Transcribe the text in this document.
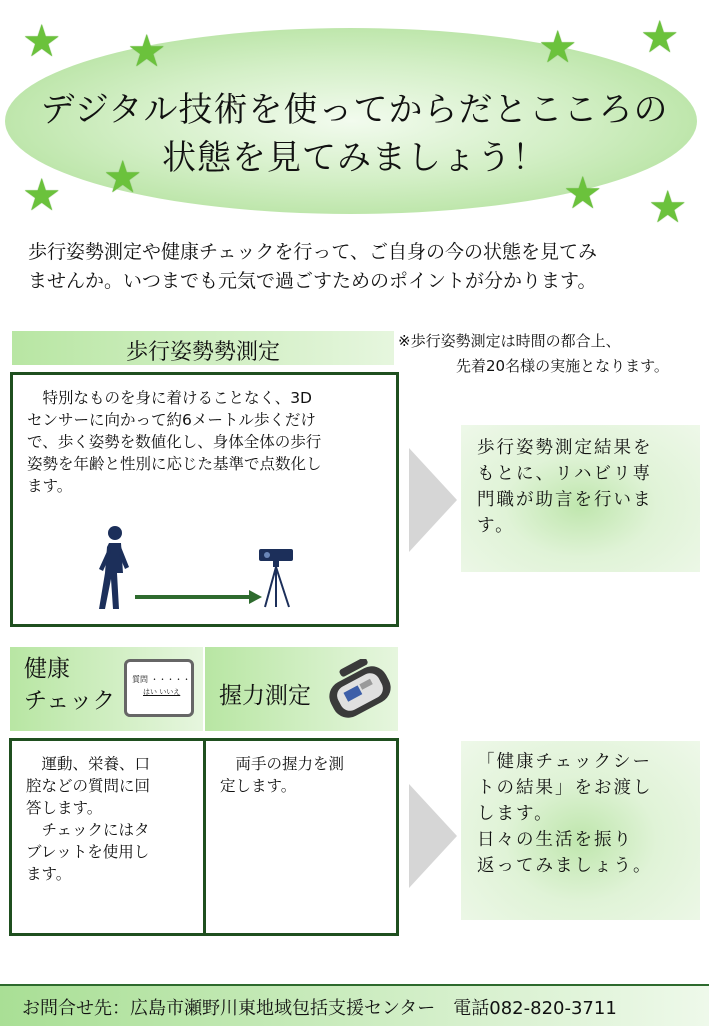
デジタル技術を使ってからだとこころの
状態を見てみましょう！
★ ★	★ ★
★ ★	★ ★
歩行姿勢測定や健康チェックを行って、ご自身の今の状態を見てみ
ませんか。いつまでも元気で過ごすためのポイントが分かります。
歩行姿勢勢測定	※歩行姿勢測定は時間の都合上、
先着20名様の実施となります。
　特別なものを身に着けることなく、3D
センサーに向かって約6メートル歩くだけ
で、歩く姿勢を数値化し、身体全体の歩行
姿勢を年齢と性別に応じた基準で点数化し
ます。
歩行姿勢測定結果を
もとに、リハビリ専
門職が助言を行いま
す。
健康
チェック
質問 ・・・・・
はい いいえ 握力測定
　運動、栄養、口
腔などの質問に回
答します。
　チェックにはタ
ブレットを使用し
ます。
　両手の握力を測
定します。
「健康チェックシー
トの結果」をお渡し
します。
日々の生活を振り
返ってみましょう。
お問合せ先：広島市瀬野川東地域包括支援センター　電話082-820-3711
